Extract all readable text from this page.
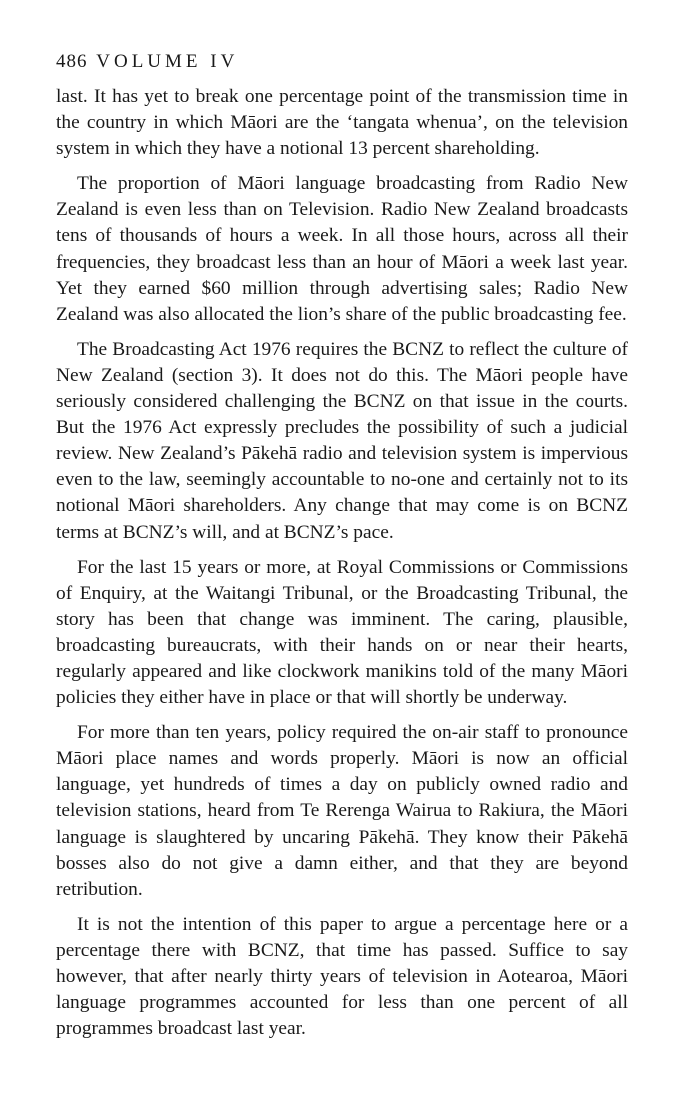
486 VOLUME IV

last. It has yet to break one percentage point of the transmission time in the country in which Māori are the ‘tangata whenua’, on the television system in which they have a notional 13 percent shareholding.

The proportion of Māori language broadcasting from Radio New Zealand is even less than on Television. Radio New Zealand broadcasts tens of thousands of hours a week. In all those hours, across all their frequencies, they broadcast less than an hour of Māori a week last year. Yet they earned $60 million through advertising sales; Radio New Zealand was also allocated the lion’s share of the public broadcasting fee.

The Broadcasting Act 1976 requires the BCNZ to reflect the culture of New Zealand (section 3). It does not do this. The Māori people have seriously considered challenging the BCNZ on that issue in the courts. But the 1976 Act expressly precludes the possibility of such a judicial review. New Zealand’s Pākehā radio and television system is impervious even to the law, seemingly accountable to no-one and certainly not to its notional Māori shareholders. Any change that may come is on BCNZ terms at BCNZ’s will, and at BCNZ’s pace.

For the last 15 years or more, at Royal Commissions or Commissions of Enquiry, at the Waitangi Tribunal, or the Broadcasting Tribunal, the story has been that change was imminent. The caring, plausible, broadcasting bureaucrats, with their hands on or near their hearts, regularly appeared and like clockwork manikins told of the many Māori policies they either have in place or that will shortly be underway.

For more than ten years, policy required the on-air staff to pronounce Māori place names and words properly. Māori is now an official language, yet hundreds of times a day on publicly owned radio and television stations, heard from Te Rerenga Wairua to Rakiura, the Māori language is slaughtered by uncaring Pākehā. They know their Pākehā bosses also do not give a damn either, and that they are beyond retribution.

It is not the intention of this paper to argue a percentage here or a percentage there with BCNZ, that time has passed. Suffice to say however, that after nearly thirty years of television in Aotearoa, Māori language programmes accounted for less than one percent of all programmes broadcast last year.
